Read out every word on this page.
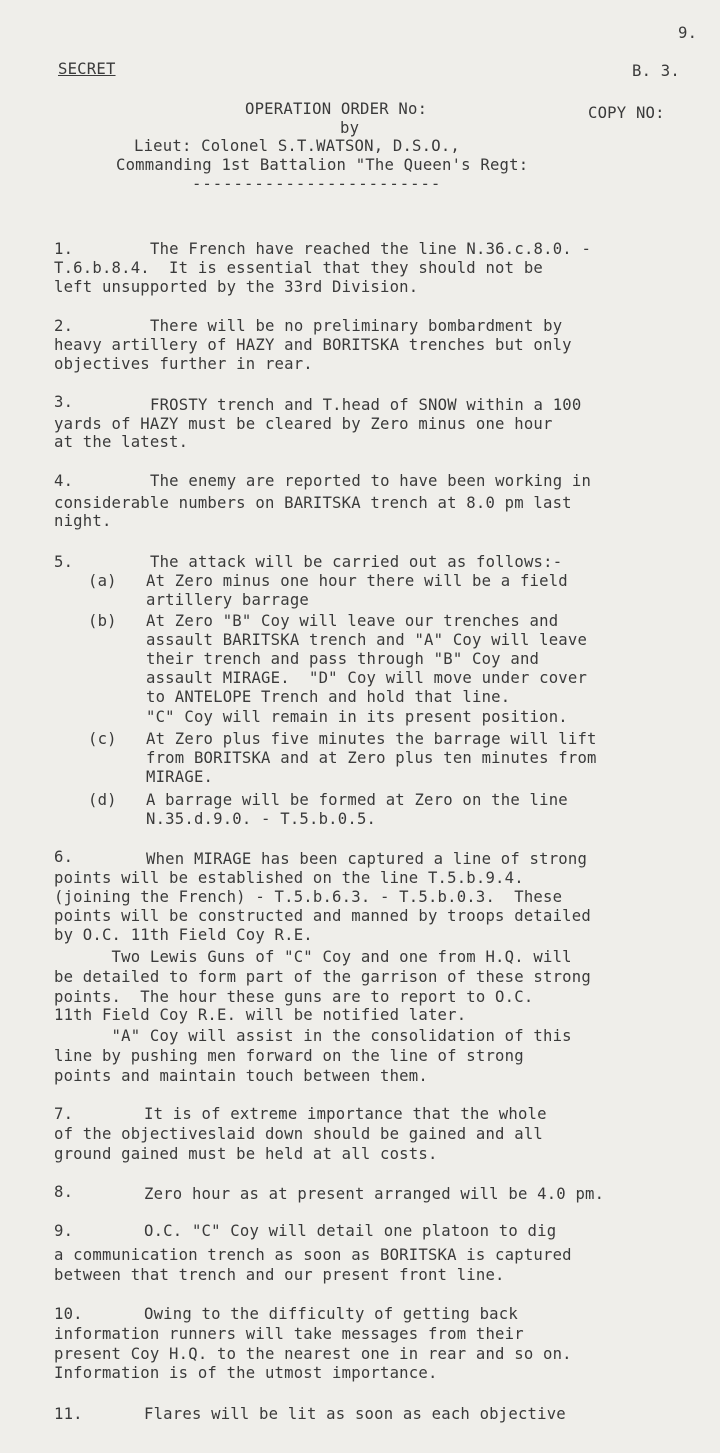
9.
SECRET	B. 3.
OPERATION ORDER No:	COPY NO:
by
Lieut: Colonel S.T.WATSON, D.S.O.,
Commanding 1st Battalion "The Queen's Regt:
------------------------
1.	The French have reached the line N.36.c.8.0. -
T.6.b.8.4.  It is essential that they should not be
left unsupported by the 33rd Division.
2.	There will be no preliminary bombardment by
heavy artillery of HAZY and BORITSKA trenches but only
objectives further in rear.
3.	FROSTY trench and T.head of SNOW within a 100
yards of HAZY must be cleared by Zero minus one hour
at the latest.
4.	The enemy are reported to have been working in
considerable numbers on BARITSKA trench at 8.0 pm last
night.
5.	The attack will be carried out as follows:-
(a) At Zero minus one hour there will be a field
artillery barrage
(b) At Zero "B" Coy will leave our trenches and
assault BARITSKA trench and "A" Coy will leave
their trench and pass through "B" Coy and
assault MIRAGE.  "D" Coy will move under cover
to ANTELOPE Trench and hold that line.
"C" Coy will remain in its present position.
(c) At Zero plus five minutes the barrage will lift
from BORITSKA and at Zero plus ten minutes from
MIRAGE.
(d) A barrage will be formed at Zero on the line
N.35.d.9.0. - T.5.b.0.5.
6.	When MIRAGE has been captured a line of strong
points will be established on the line T.5.b.9.4.
(joining the French) - T.5.b.6.3. - T.5.b.0.3.  These
points will be constructed and manned by troops detailed
by O.C. 11th Field Coy R.E.
Two Lewis Guns of "C" Coy and one from H.Q. will
be detailed to form part of the garrison of these strong
points.  The hour these guns are to report to O.C.
11th Field Coy R.E. will be notified later.
"A" Coy will assist in the consolidation of this
line by pushing men forward on the line of strong
points and maintain touch between them.
7.	It is of extreme importance that the whole
of the objectiveslaid down should be gained and all
ground gained must be held at all costs.
8.	Zero hour as at present arranged will be 4.0 pm.
9.	O.C. "C" Coy will detail one platoon to dig
a communication trench as soon as BORITSKA is captured
between that trench and our present front line.
10.	Owing to the difficulty of getting back
information runners will take messages from their
present Coy H.Q. to the nearest one in rear and so on.
Information is of the utmost importance.
11.	Flares will be lit as soon as each objective
